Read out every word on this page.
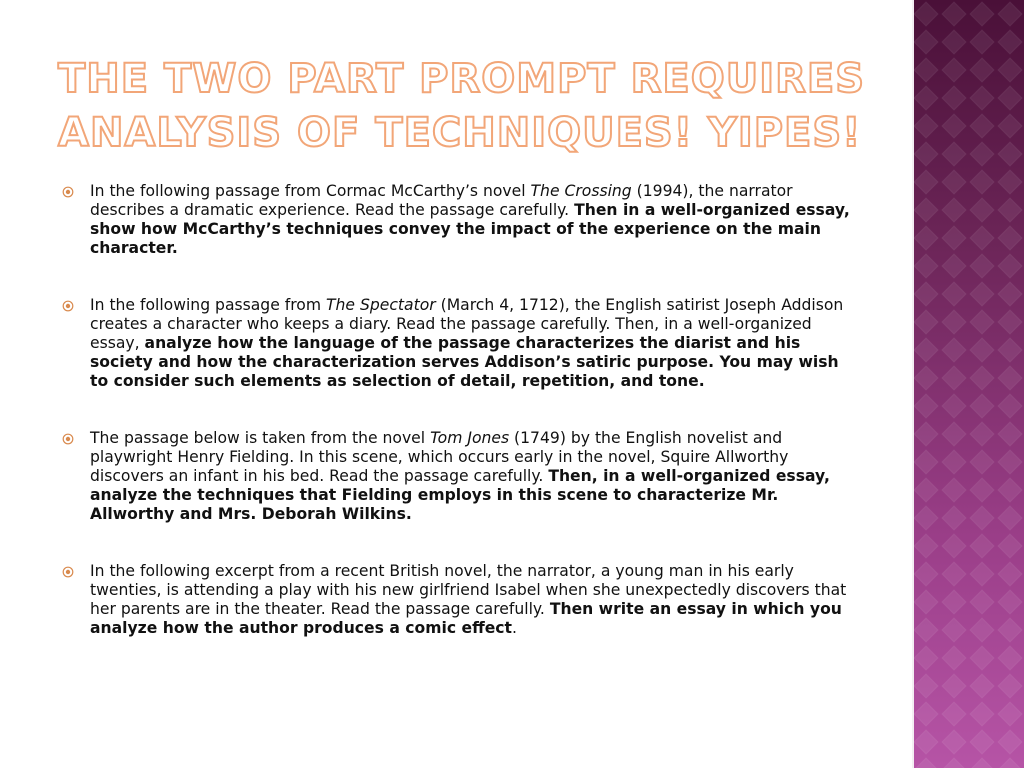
THE TWO PART PROMPT REQUIRES
ANALYSIS OF TECHNIQUES! YIPES!
In the following passage from Cormac McCarthy’s novel The Crossing (1994), the narrator describes a dramatic experience. Read the passage carefully. Then in a well-organized essay, show how McCarthy’s techniques convey the impact of the experience on the main character.
In the following passage from The Spectator (March 4, 1712), the English satirist Joseph Addison creates a character who keeps a diary. Read the passage carefully. Then, in a well-organized essay, analyze how the language of the passage characterizes the diarist and his society and how the characterization serves Addison’s satiric purpose. You may wish to consider such elements as selection of detail, repetition, and tone.
The passage below is taken from the novel Tom Jones (1749) by the English novelist and playwright Henry Fielding. In this scene, which occurs early in the novel, Squire Allworthy discovers an infant in his bed. Read the passage carefully. Then, in a well-organized essay, analyze the techniques that Fielding employs in this scene to characterize Mr. Allworthy and Mrs. Deborah Wilkins.
In the following excerpt from a recent British novel, the narrator, a young man in his early twenties, is attending a play with his new girlfriend Isabel when she unexpectedly discovers that her parents are in the theater. Read the passage carefully. Then write an essay in which you analyze how the author produces a comic effect.
